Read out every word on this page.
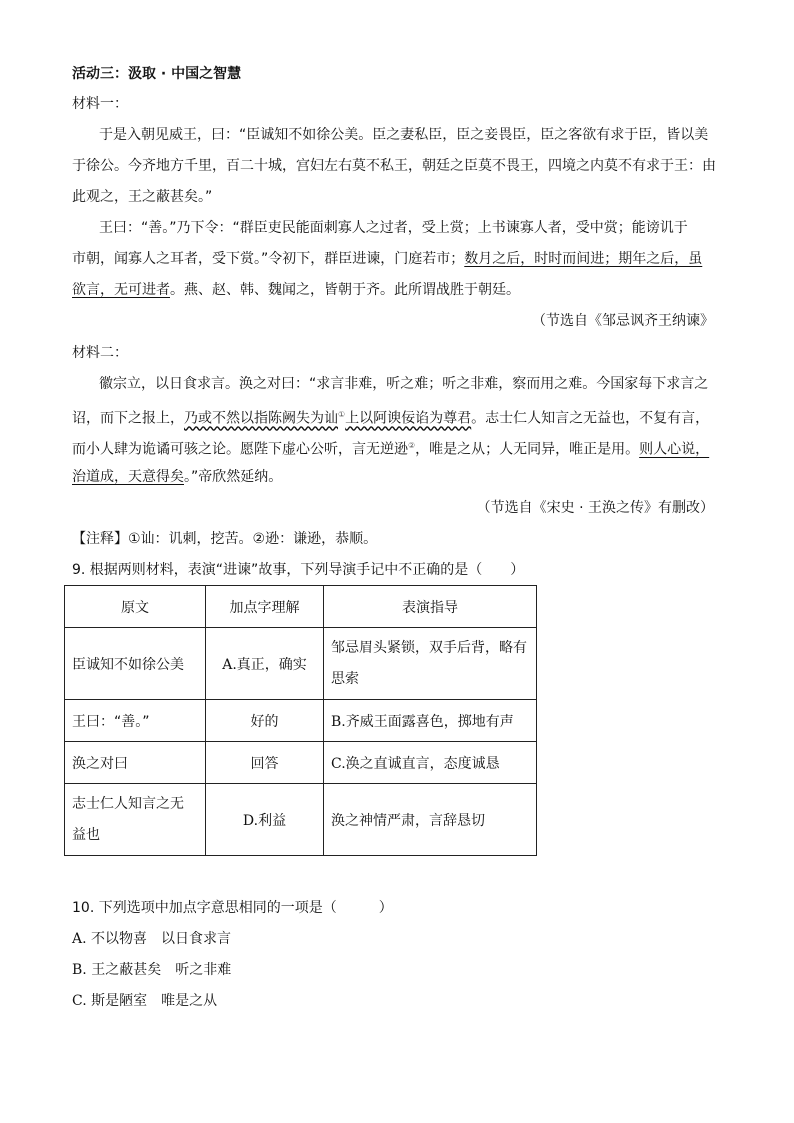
活动三：汲取 · 中国之智慧
材料一：
于是入朝见威王，曰：“臣诚知不如徐公美。臣之妻私臣，臣之妾畏臣，臣之客欲有求于臣，皆以美
于徐公。今齐地方千里，百二十城，宫妇左右莫不私王，朝廷之臣莫不畏王，四境之内莫不有求于王：由
此观之，王之蔽甚矣。”
王曰：“善。”乃下令：“群臣吏民能面刺寡人之过者，受上赏；上书谏寡人者，受中赏；能谤讥于
市朝，闻寡人之耳者，受下赏。”令初下，群臣进谏，门庭若市；数月之后，时时而间进；期年之后，虽
欲言，无可进者。燕、赵、韩、魏闻之，皆朝于齐。此所谓战胜于朝廷。
（节选自《邹忌讽齐王纳谏》
材料二：
徽宗立，以日食求言。涣之对曰：“求言非难，听之难；听之非难，察而用之难。今国家每下求言之
诏，而下之报上，乃或不然以指陈阙失为讪①上以阿谀佞谄为尊君。志士仁人知言之无益也，不复有言，
而小人肆为诡谲可骇之论。愿陛下虚心公听，言无逆逊②，唯是之从；人无同异，唯正是用。则人心说，
治道成，天意得矣。”帝欣然延纳。
（节选自《宋史 · 王涣之传》有删改）
【注释】①讪：讥刺，挖苦。②逊：谦逊，恭顺。
9. 根据两则材料，表演“进谏”故事，下列导演手记中不正确的是（　　）
原文	加点字理解	表演指导
臣诚知不如徐公美	A.真正，确实	邹忌眉头紧锁，双手后背，略有
思索
王曰：“善。”	好的	B.齐威王面露喜色，掷地有声
涣之对曰	回答	C.涣之直诚直言，态度诚恳
志士仁人知言之无
益也	D.利益	涣之神情严肃，言辞恳切
10. 下列选项中加点字意思相同的一项是（　　　）
A. 不以物喜　以日食求言
B. 王之蔽甚矣　听之非难
C. 斯是陋室　唯是之从
